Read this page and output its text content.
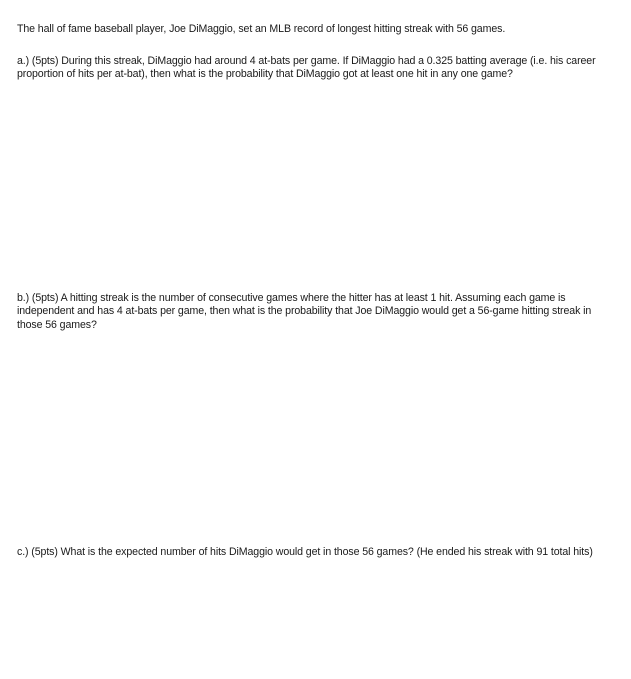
The hall of fame baseball player, Joe DiMaggio, set an MLB record of longest hitting streak with 56 games.

a.) (5pts) During this streak, DiMaggio had around 4 at-bats per game. If DiMaggio had a 0.325 batting average (i.e. his career proportion of hits per at-bat), then what is the probability that DiMaggio got at least one hit in any one game?

b.) (5pts) A hitting streak is the number of consecutive games where the hitter has at least 1 hit. Assuming each game is independent and has 4 at-bats per game, then what is the probability that Joe DiMaggio would get a 56-game hitting streak in those 56 games?

c.) (5pts) What is the expected number of hits DiMaggio would get in those 56 games? (He ended his streak with 91 total hits)
